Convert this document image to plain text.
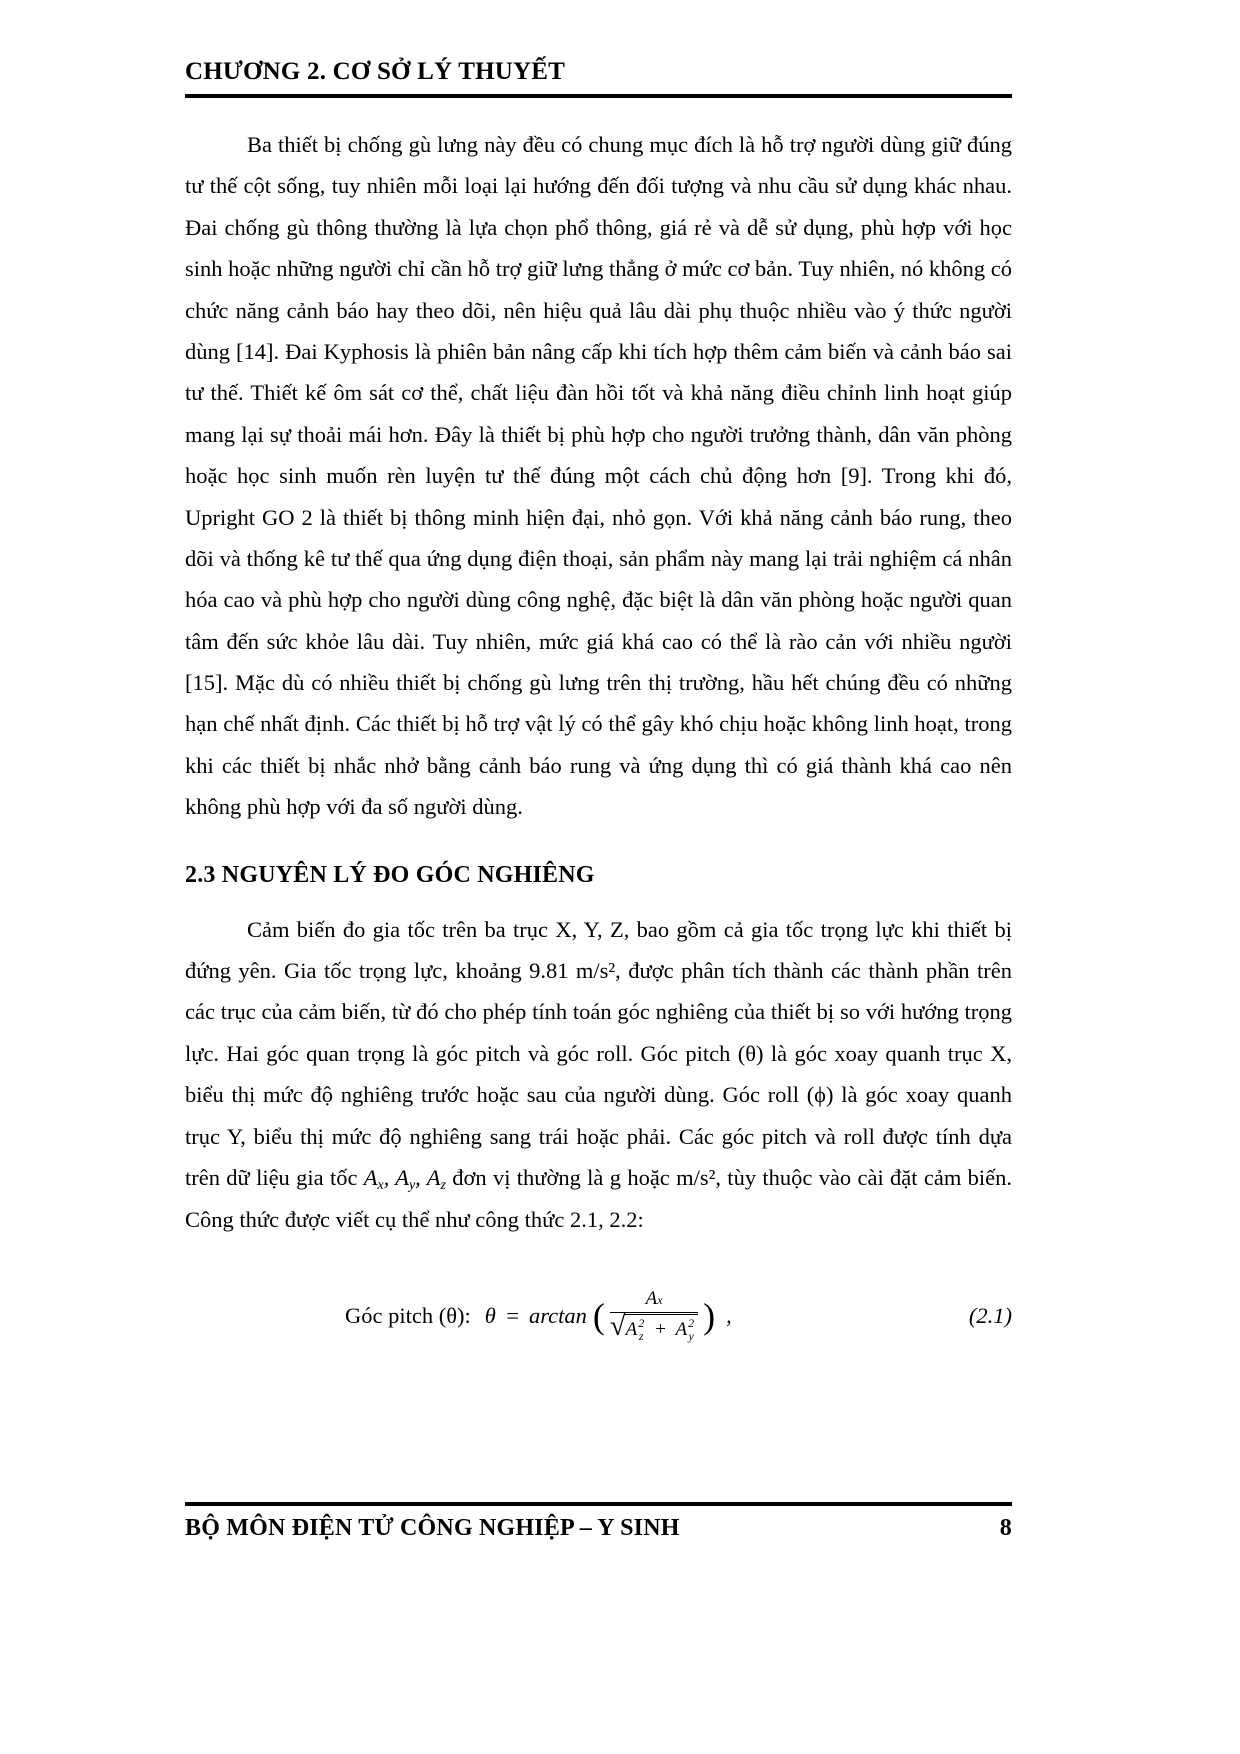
CHƯƠNG 2. CƠ SỞ LÝ THUYẾT

Ba thiết bị chống gù lưng này đều có chung mục đích là hỗ trợ người dùng giữ đúng tư thế cột sống, tuy nhiên mỗi loại lại hướng đến đối tượng và nhu cầu sử dụng khác nhau. Đai chống gù thông thường là lựa chọn phổ thông, giá rẻ và dễ sử dụng, phù hợp với học sinh hoặc những người chỉ cần hỗ trợ giữ lưng thẳng ở mức cơ bản. Tuy nhiên, nó không có chức năng cảnh báo hay theo dõi, nên hiệu quả lâu dài phụ thuộc nhiều vào ý thức người dùng [14]. Đai Kyphosis là phiên bản nâng cấp khi tích hợp thêm cảm biến và cảnh báo sai tư thế. Thiết kế ôm sát cơ thể, chất liệu đàn hồi tốt và khả năng điều chỉnh linh hoạt giúp mang lại sự thoải mái hơn. Đây là thiết bị phù hợp cho người trưởng thành, dân văn phòng hoặc học sinh muốn rèn luyện tư thế đúng một cách chủ động hơn [9]. Trong khi đó, Upright GO 2 là thiết bị thông minh hiện đại, nhỏ gọn. Với khả năng cảnh báo rung, theo dõi và thống kê tư thế qua ứng dụng điện thoại, sản phẩm này mang lại trải nghiệm cá nhân hóa cao và phù hợp cho người dùng công nghệ, đặc biệt là dân văn phòng hoặc người quan tâm đến sức khỏe lâu dài. Tuy nhiên, mức giá khá cao có thể là rào cản với nhiều người [15]. Mặc dù có nhiều thiết bị chống gù lưng trên thị trường, hầu hết chúng đều có những hạn chế nhất định. Các thiết bị hỗ trợ vật lý có thể gây khó chịu hoặc không linh hoạt, trong khi các thiết bị nhắc nhở bằng cảnh báo rung và ứng dụng thì có giá thành khá cao nên không phù hợp với đa số người dùng.

2.3 NGUYÊN LÝ ĐO GÓC NGHIÊNG

Cảm biến đo gia tốc trên ba trục X, Y, Z, bao gồm cả gia tốc trọng lực khi thiết bị đứng yên. Gia tốc trọng lực, khoảng 9.81 m/s², được phân tích thành các thành phần trên các trục của cảm biến, từ đó cho phép tính toán góc nghiêng của thiết bị so với hướng trọng lực. Hai góc quan trọng là góc pitch và góc roll. Góc pitch (θ) là góc xoay quanh trục X, biểu thị mức độ nghiêng trước hoặc sau của người dùng. Góc roll (ϕ) là góc xoay quanh trục Y, biểu thị mức độ nghiêng sang trái hoặc phải. Các góc pitch và roll được tính dựa trên dữ liệu gia tốc $A_x$, $A_y$, $A_z$ đơn vị thường là g hoặc m/s², tùy thuộc vào cài đặt cảm biến. Công thức được viết cụ thể như công thức 2.1, 2.2:

Góc pitch (θ): θ = arctan (	Ax
√ A 2
z + A 2
y ) ,	(2.1)
BỘ MÔN ĐIỆN TỬ CÔNG NGHIỆP – Y SINH	8
